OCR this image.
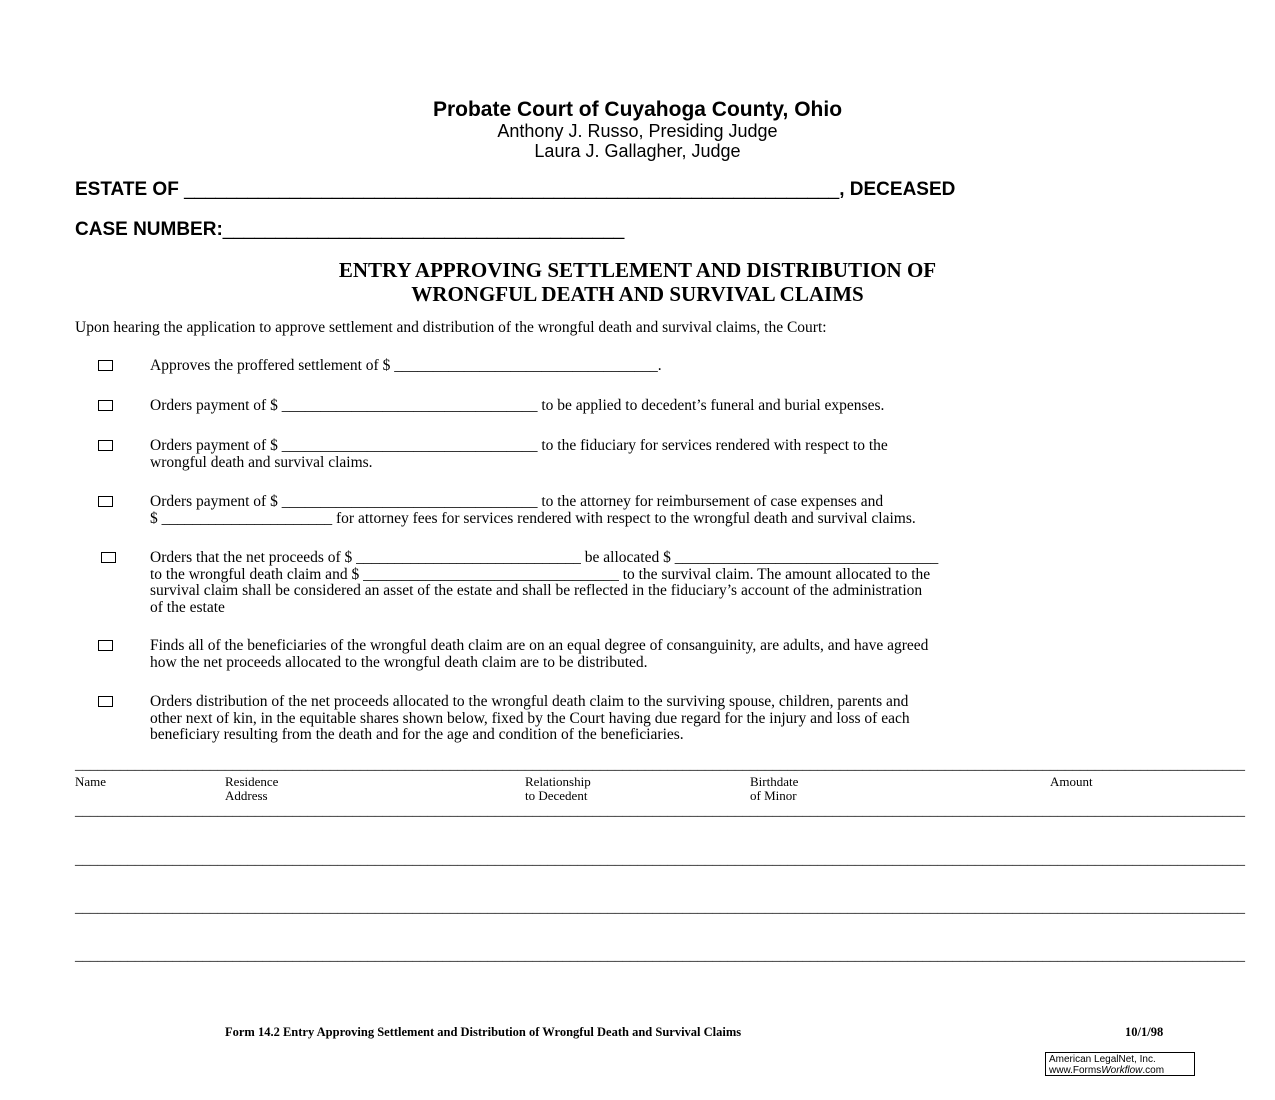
Probate Court of Cuyahoga County, Ohio
Anthony J. Russo, Presiding Judge
Laura J. Gallagher, Judge
ESTATE OF ______________________________________________________________, DECEASED
CASE NUMBER:______________________________________
ENTRY APPROVING SETTLEMENT AND DISTRIBUTION OF
WRONGFUL DEATH AND SURVIVAL CLAIMS
Upon hearing the application to approve settlement and distribution of the wrongful death and survival claims, the Court:
Approves the proffered settlement of $ __________________________________.
Orders payment of $ _________________________________ to be applied to decedent’s funeral and burial expenses.
Orders payment of $ _________________________________ to the fiduciary for services rendered with respect to the
wrongful death and survival claims.
Orders payment of $ _________________________________ to the attorney for reimbursement of case expenses and
$ ______________________ for attorney fees for services rendered with respect to the wrongful death and survival claims.
Orders that the net proceeds of $ _____________________________ be allocated $ __________________________________
to the wrongful death claim and $ _________________________________ to the survival claim. The amount allocated to the
survival claim shall be considered an asset of the estate and shall be reflected in the fiduciary’s account of the administration
of the estate
Finds all of the beneficiaries of the wrongful death claim are on an equal degree of consanguinity, are adults, and have agreed
how the net proceeds allocated to the wrongful death claim are to be distributed.
Orders distribution of the net proceeds allocated to the wrongful death claim to the surviving spouse, children, parents and
other next of kin, in the equitable shares shown below, fixed by the Court having due regard for the injury and loss of each
beneficiary resulting from the death and for the age and condition of the beneficiaries.
____________________________________________________________________________________________________________________________________________________________
Name	Residence
Address
Relationship
to Decedent
Birthdate
of Minor
Amount
____________________________________________________________________________________________________________________________________________________________
____________________________________________________________________________________________________________________________________________________________
____________________________________________________________________________________________________________________________________________________________
____________________________________________________________________________________________________________________________________________________________
Form 14.2 Entry Approving Settlement and Distribution of Wrongful Death and Survival Claims	10/1/98
American LegalNet, Inc.
www.FormsWorkflow.com
